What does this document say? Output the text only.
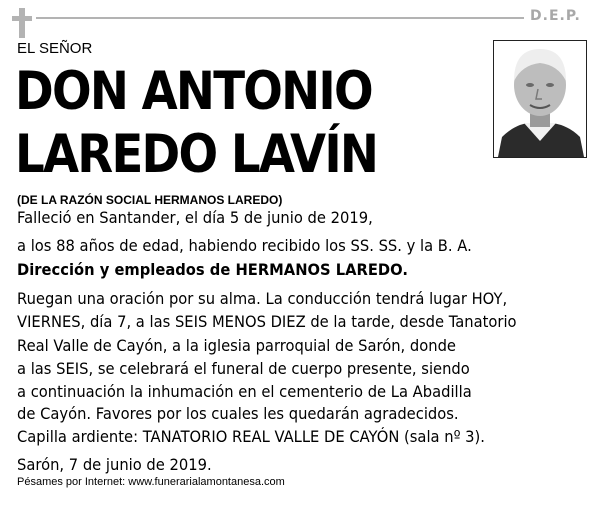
D.E.P.
EL SEÑOR
DON ANTONIO
LAREDO LAVÍN
(DE LA RAZÓN SOCIAL HERMANOS LAREDO)
Falleció en Santander, el día 5 de junio de 2019,
a los 88 años de edad, habiendo recibido los SS. SS. y la B. A.
Dirección y empleados de HERMANOS LAREDO.
Ruegan una oración por su alma. La conducción tendrá lugar HOY,
VIERNES, día 7, a las SEIS MENOS DIEZ de la tarde, desde Tanatorio
Real Valle de Cayón, a la iglesia parroquial de Sarón, donde
a las SEIS, se celebrará el funeral de cuerpo presente, siendo
a continuación la inhumación en el cementerio de La Abadilla
de Cayón. Favores por los cuales les quedarán agradecidos.
Capilla ardiente: TANATORIO REAL VALLE DE CAYÓN (sala nº 3).
Sarón, 7 de junio de 2019.
Pésames por Internet: www.funerarialamontanesa.com
